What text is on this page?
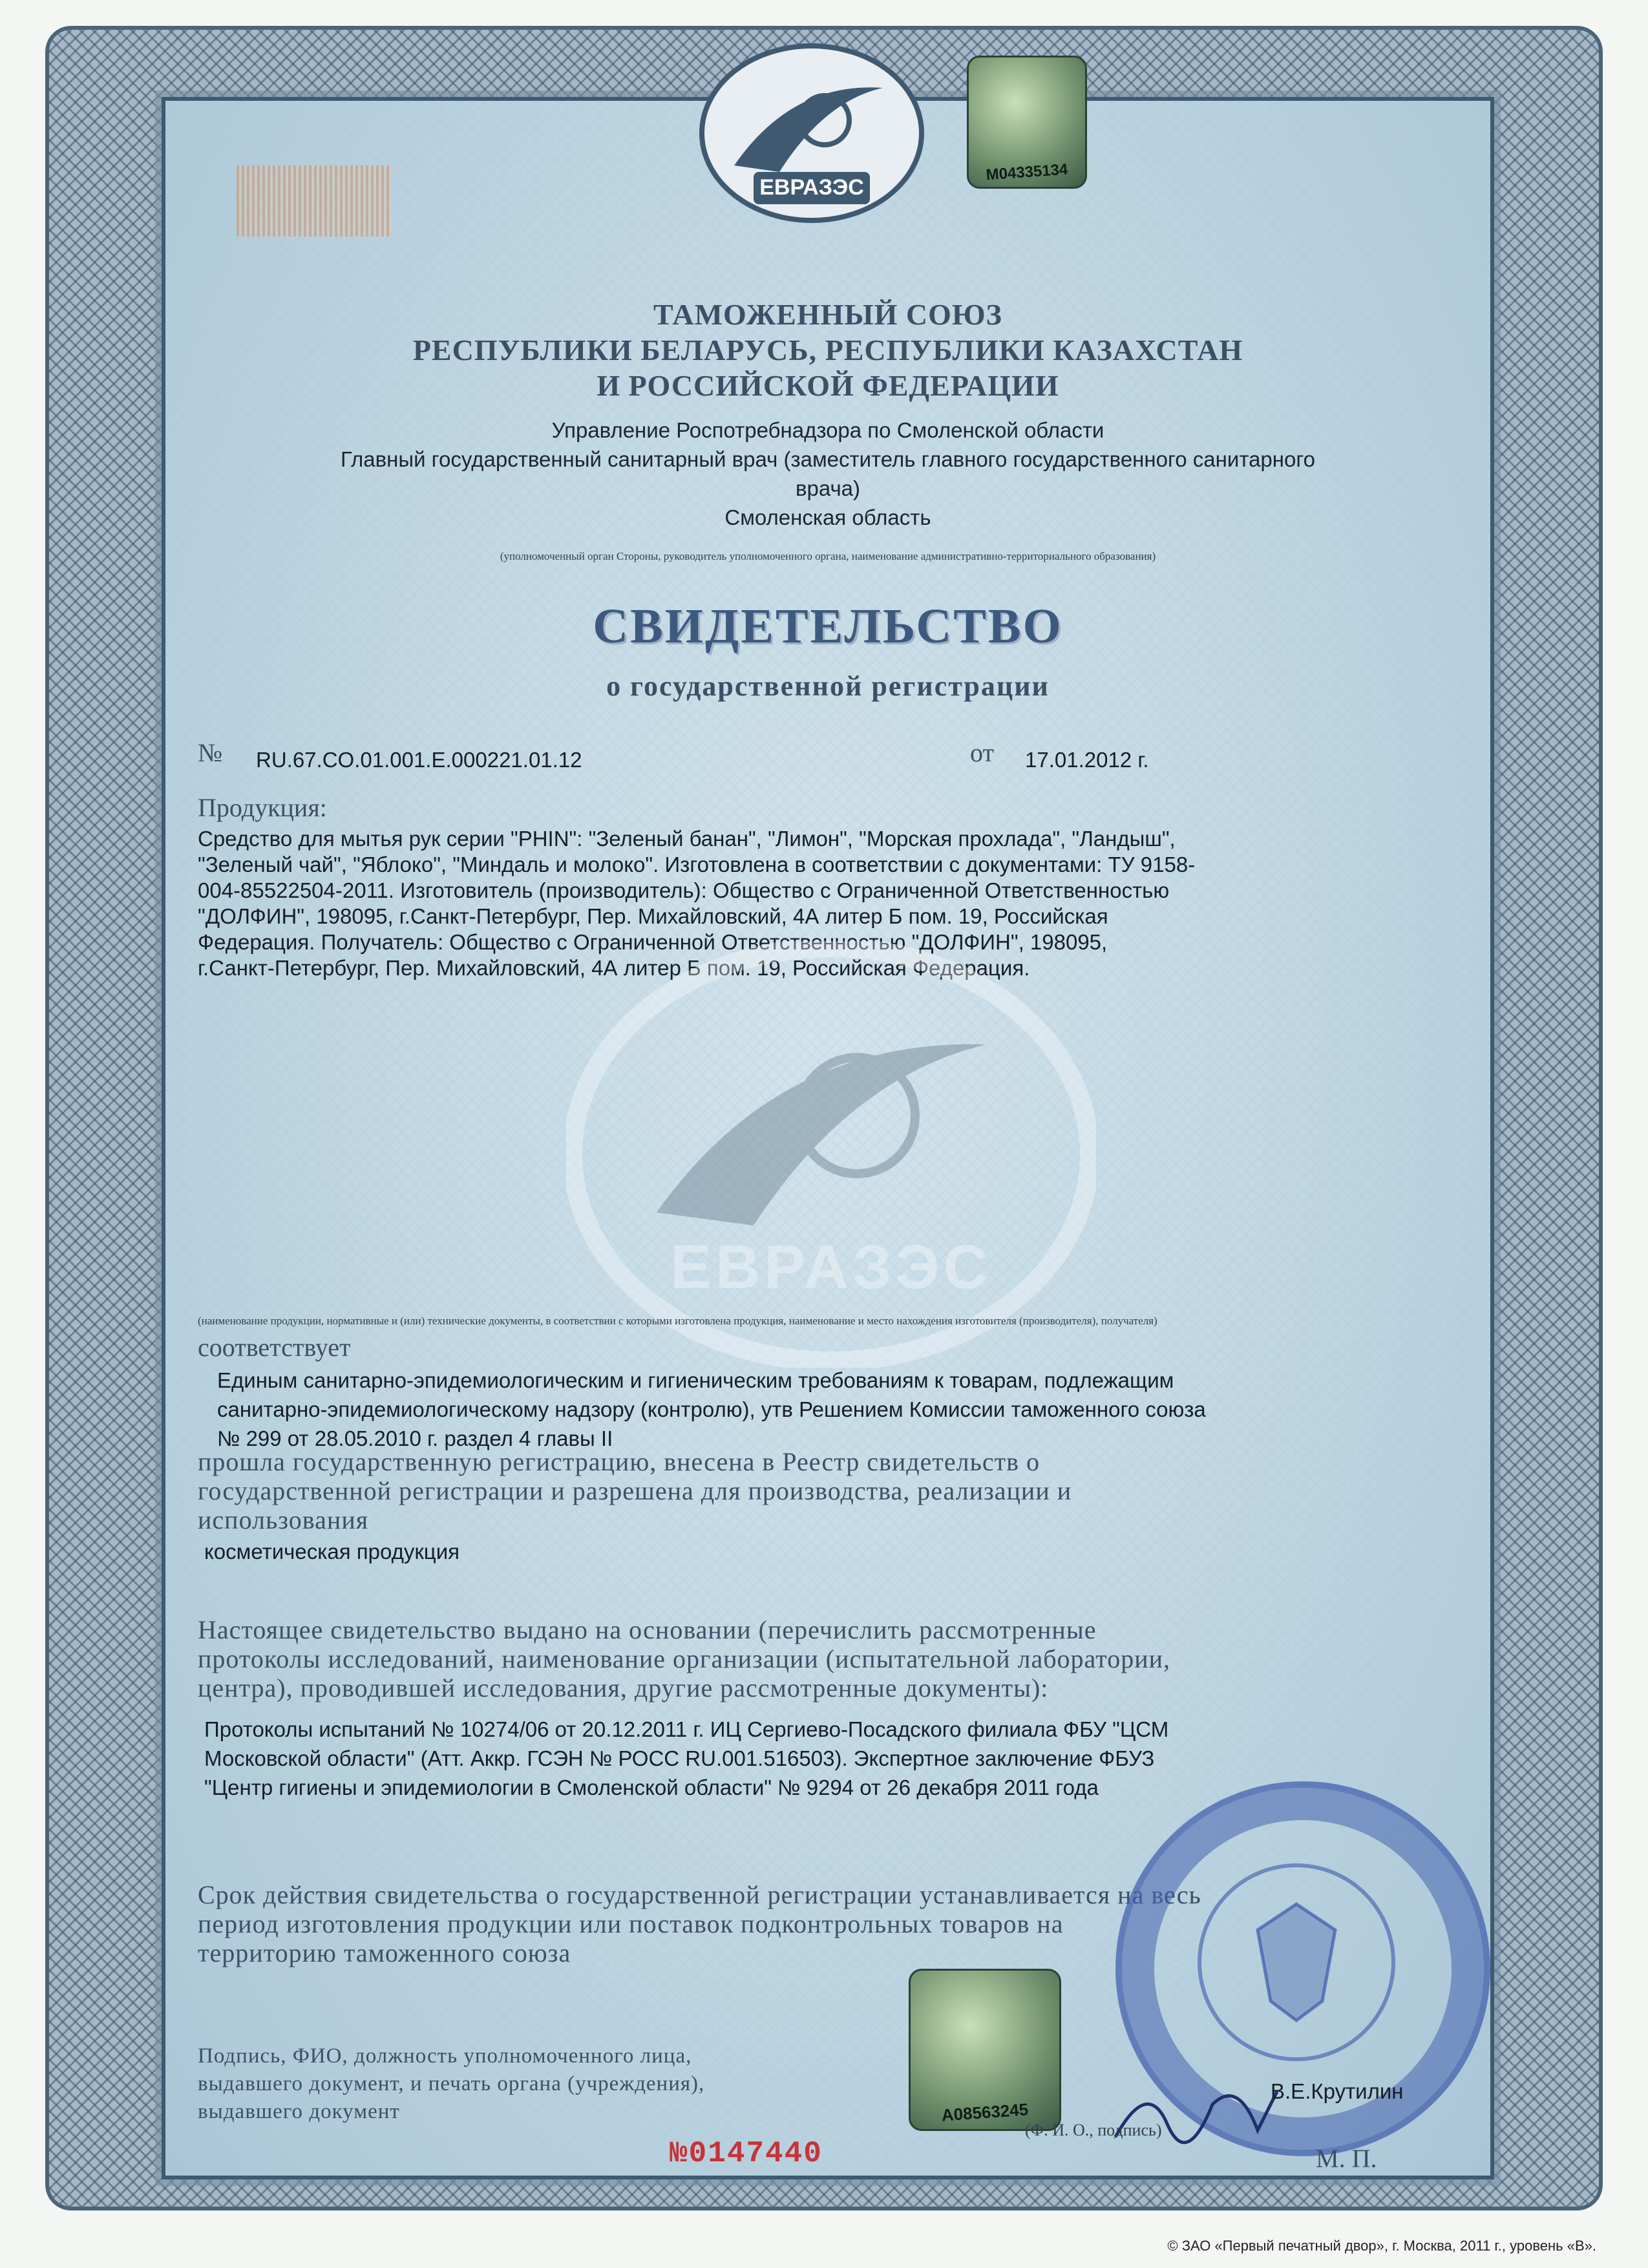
ЕВРАЗЭС
M04335134
ТАМОЖЕННЫЙ СОЮЗ
РЕСПУБЛИКИ БЕЛАРУСЬ, РЕСПУБЛИКИ КАЗАХСТАН
И РОССИЙСКОЙ ФЕДЕРАЦИИ
Управление Роспотребнадзора по Смоленской области
Главный государственный санитарный врач (заместитель главного государственного санитарного
врача)
Смоленская область
(уполномоченный орган Стороны, руководитель уполномоченного органа, наименование административно-территориального образования)
СВИДЕТЕЛЬСТВО
о государственной регистрации
№ RU.67.CO.01.001.E.000221.01.12	от 17.01.2012 г.
Продукция:
Средство для мытья рук серии "PHIN": "Зеленый банан", "Лимон", "Морская прохлада", "Ландыш",
"Зеленый чай", "Яблоко", "Миндаль и молоко". Изготовлена в соответствии с документами: ТУ 9158-
004-85522504-2011. Изготовитель (производитель): Общество с Ограниченной Ответственностью
"ДОЛФИН", 198095, г.Санкт-Петербург, Пер. Михайловский, 4А литер Б пом. 19, Российская
Федерация. Получатель: Общество с Ограниченной Ответственностью "ДОЛФИН", 198095,
г.Санкт-Петербург, Пер. Михайловский, 4А литер Б пом. 19, Российская Федерация.
ЕВРАЗЭС
(наименование продукции, нормативные и (или) технические документы, в соответствии с которыми изготовлена продукция, наименование и место нахождения изготовителя (производителя), получателя)
соответствует
Единым санитарно-эпидемиологическим и гигиеническим требованиям к товарам, подлежащим
санитарно-эпидемиологическому надзору (контролю), утв Решением Комиссии таможенного союза
№ 299 от 28.05.2010 г. раздел 4 главы II
прошла государственную регистрацию, внесена в Реестр свидетельств о
государственной регистрации и разрешена для производства, реализации и
использования
косметическая продукция
Настоящее свидетельство выдано на основании (перечислить рассмотренные
протоколы исследований, наименование организации (испытательной лаборатории,
центра), проводившей исследования, другие рассмотренные документы):
Протоколы испытаний № 10274/06 от 20.12.2011 г. ИЦ Сергиево-Посадского филиала ФБУ "ЦСМ
Московской области" (Атт. Аккр. ГСЭН № РОСС RU.001.516503). Экспертное заключение ФБУЗ
"Центр гигиены и эпидемиологии в Смоленской области" № 9294 от 26 декабря 2011 года
Срок действия свидетельства о государственной регистрации устанавливается на весь
период изготовления продукции или поставок подконтрольных товаров на
территорию таможенного союза
A08563245
Подпись, ФИО, должность уполномоченного лица,
выдавшего документ, и печать органа (учреждения),
выдавшего документ
В.Е.Крутилин
(Ф. И. О., подпись)
М. П.
№0147440
© ЗАО «Первый печатный двор», г. Москва, 2011 г., уровень «В».
